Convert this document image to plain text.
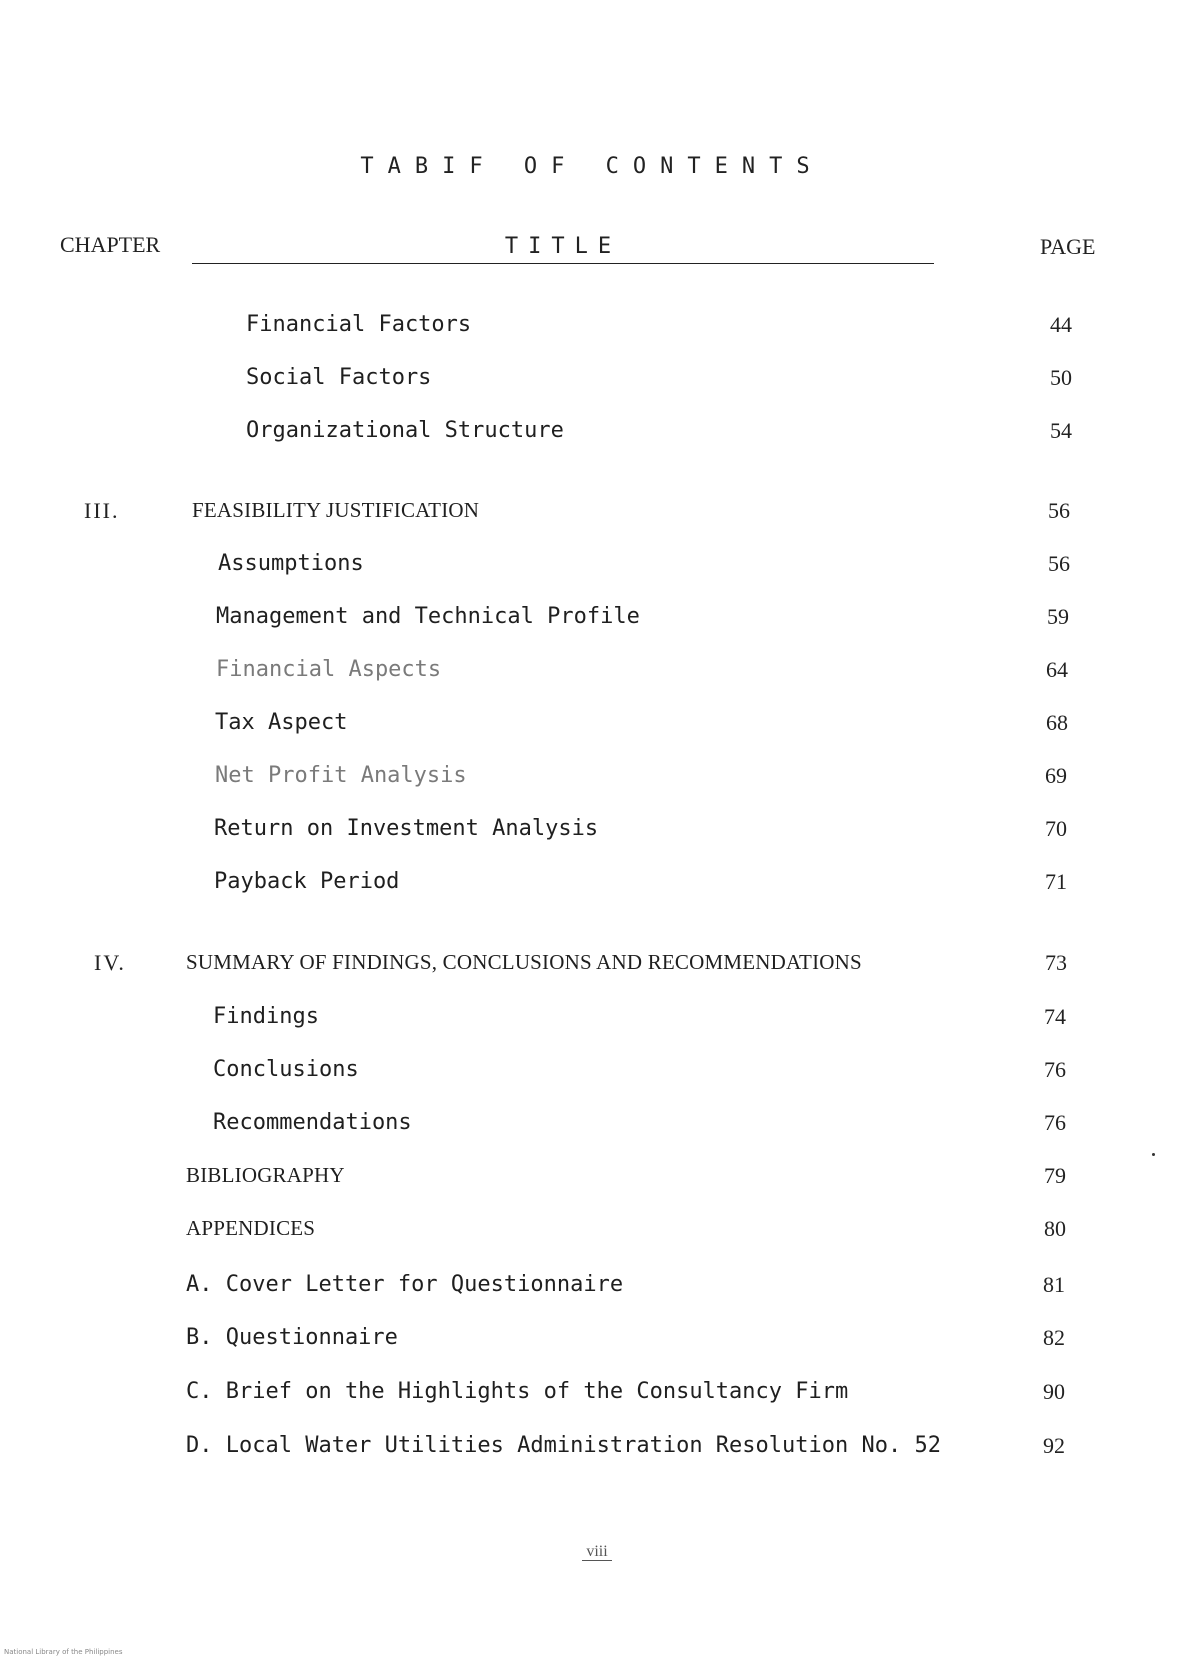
TABIF OF CONTENTS
CHAPTER	TITLE	PAGE
Financial Factors	44
Social Factors	50
Organizational Structure	54
III.	FEASIBILITY JUSTIFICATION	56
Assumptions	56
Management and Technical Profile	59
Financial Aspects	64
Tax Aspect	68
Net Profit Analysis	69
Return on Investment Analysis	70
Payback Period	71
IV.	SUMMARY OF FINDINGS, CONCLUSIONS AND RECOMMENDATIONS	73
Findings	74
Conclusions	76
Recommendations	76
BIBLIOGRAPHY	79
APPENDICES	80
A. Cover Letter for Questionnaire	81
B. Questionnaire	82
C. Brief on the Highlights of the Consultancy Firm	90
D. Local Water Utilities Administration Resolution No. 52	92
viii
National Library of the Philippines
